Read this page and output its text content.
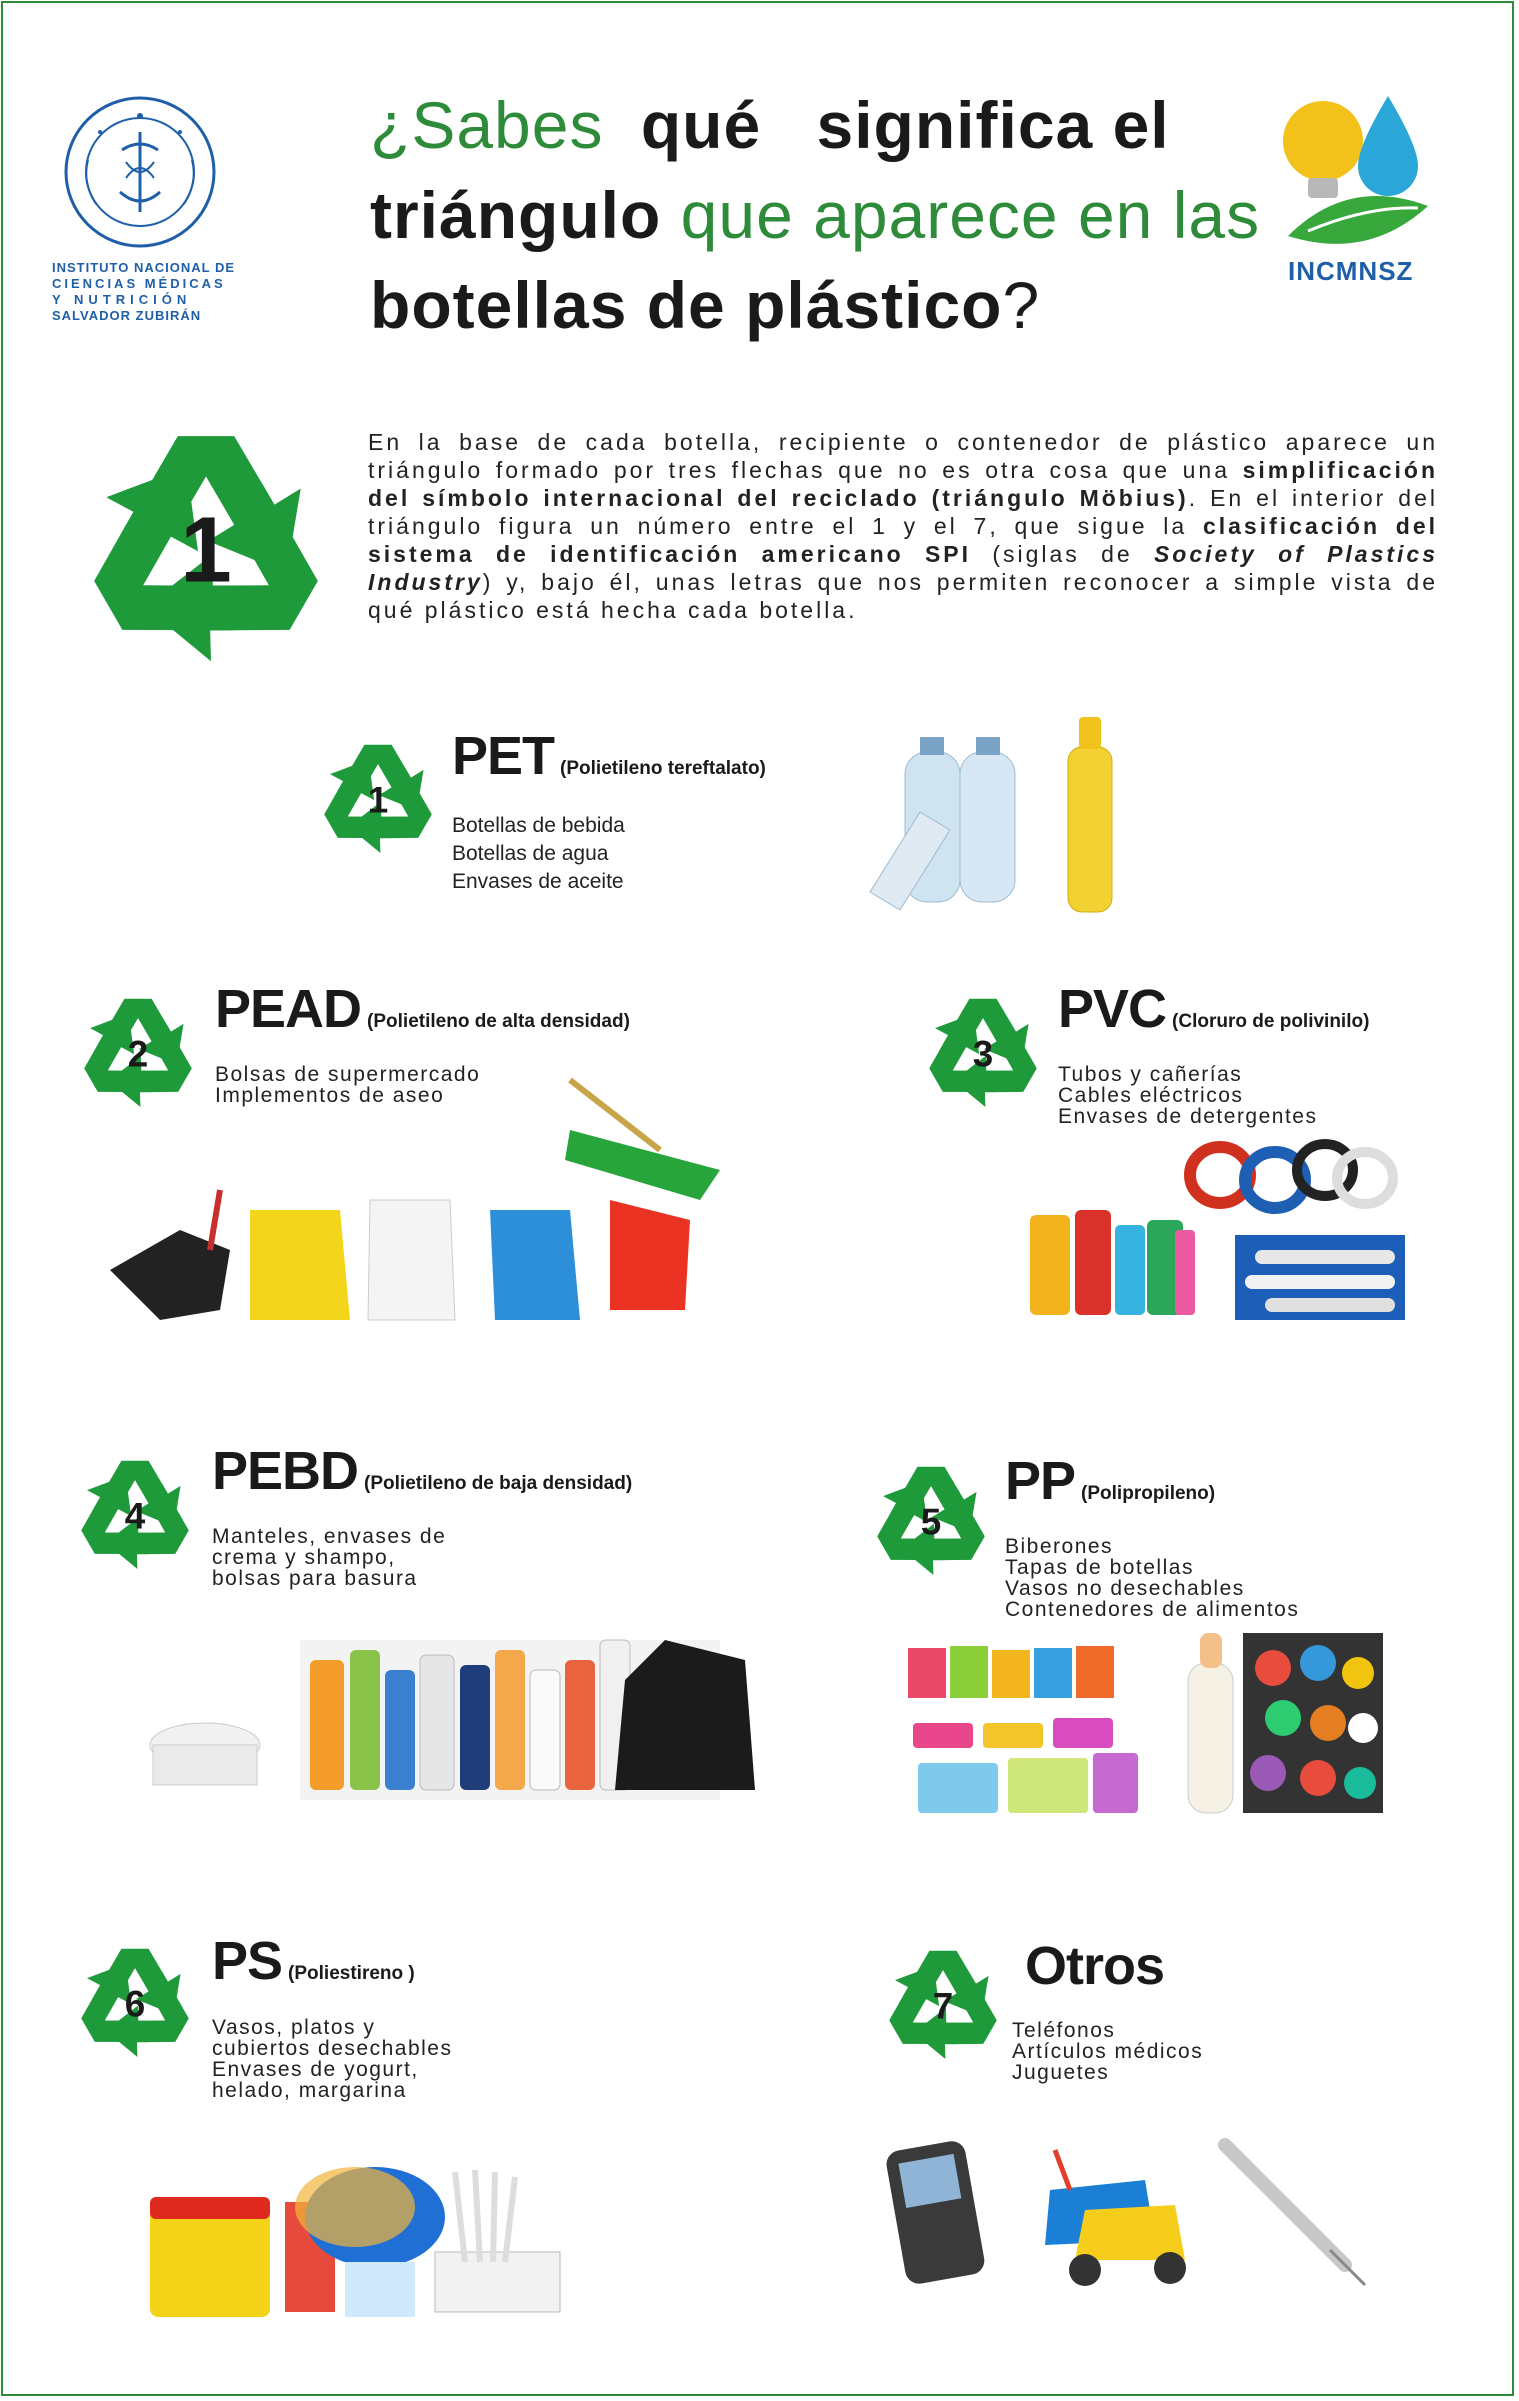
INSTITUTO NACIONAL DE
CIENCIAS MÉDICAS
Y NUTRICIÓN
SALVADOR ZUBIRÁN
¿Sabes qué significa el
triángulo que aparece en las
botellas de plástico?	INCMNSZ
1
En la base de cada botella, recipiente o contenedor de plástico aparece un triángulo formado por tres flechas que no es otra cosa que una simplificación del símbolo internacional del reciclado (triángulo Möbius). En el interior del triángulo figura un número entre el 1 y el 7, que sigue la clasificación del sistema de identificación americano SPI (siglas de Society of Plastics Industry) y, bajo él, unas letras que nos permiten reconocer a simple vista de qué plástico está hecha cada botella.
1
PET (Polietileno tereftalato)
Botellas de bebida
Botellas de agua
Envases de aceite
2
PEAD (Polietileno de alta densidad)
Bolsas de supermercado
Implementos de aseo
3
PVC (Cloruro de polivinilo)
Tubos y cañerías
Cables eléctricos
Envases de detergentes
4
PEBD (Polietileno de baja densidad)
Manteles, envases de
crema y shampo,
bolsas para basura
5
PP (Polipropileno)
Biberones
Tapas de botellas
Vasos no desechables
Contenedores de alimentos
6
PS (Poliestireno )
Vasos, platos y
cubiertos desechables
Envases de yogurt,
helado, margarina
7
Otros
Teléfonos
Artículos médicos
Juguetes
